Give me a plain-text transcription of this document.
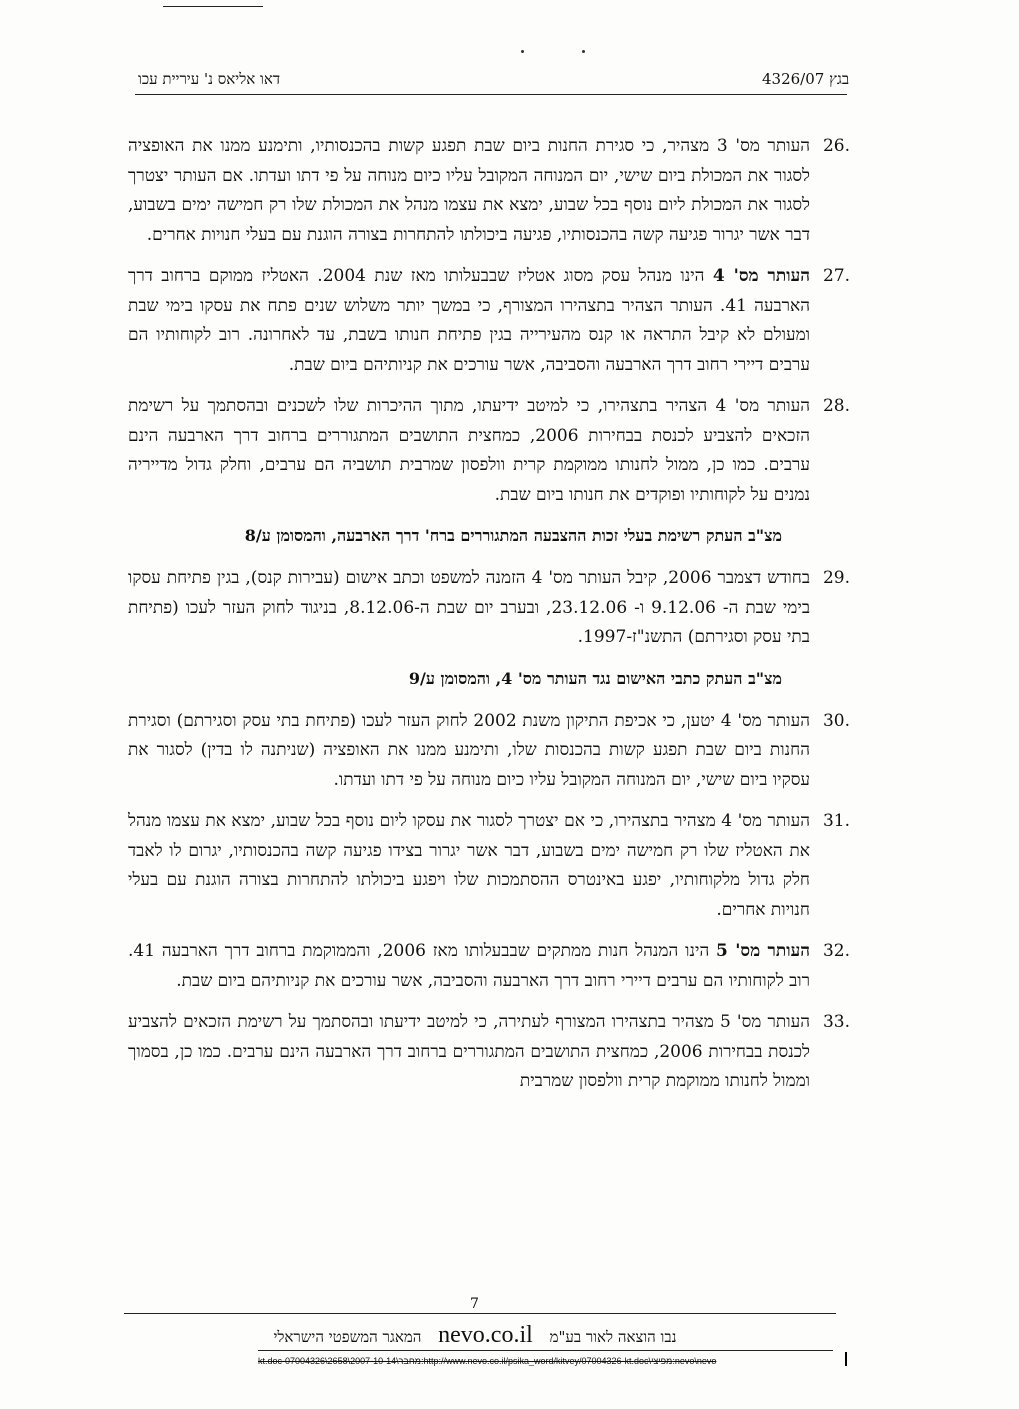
דאו אליאס נ' עיריית עכו	בגץ 4326/07
26.
העותר מס' 3 מצהיר, כי סגירת החנות ביום שבת תפגע קשות בהכנסותיו, ותימנע ממנו את האופציה לסגור את המכולת ביום שישי, יום המנוחה המקובל עליו כיום מנוחה על פי דתו ועדתו. אם העותר יצטרך לסגור את המכולת ליום נוסף בכל שבוע, ימצא את עצמו מנהל את המכולת שלו רק חמישה ימים בשבוע, דבר אשר יגרור פגיעה קשה בהכנסותיו, פגיעה ביכולתו להתחרות בצורה הוגנת עם בעלי חנויות אחרים.
27.
העותר מס' 4 הינו מנהל עסק מסוג אטליז שבבעלותו מאז שנת 2004. האטליז ממוקם ברחוב דרך הארבעה 41. העותר הצהיר בתצהירו המצורף, כי במשך יותר משלוש שנים פתח את עסקו בימי שבת ומעולם לא קיבל התראה או קנס מהעירייה בגין פתיחת חנותו בשבת, עד לאחרונה. רוב לקוחותיו הם ערבים דיירי רחוב דרך הארבעה והסביבה, אשר עורכים את קניותיהם ביום שבת.
28.
העותר מס' 4 הצהיר בתצהירו, כי למיטב ידיעתו, מתוך ההיכרות שלו לשכנים ובהסתמך על רשימת הזכאים להצביע לכנסת בבחירות 2006, כמחצית התושבים המתגוררים ברחוב דרך הארבעה הינם ערבים. כמו כן, ממול לחנותו ממוקמת קרית וולפסון שמרבית תושביה הם ערבים, וחלק גדול מדייריה נמנים על לקוחותיו ופוקדים את חנותו ביום שבת.
מצ"ב העתק רשימת בעלי זכות ההצבעה המתגוררים ברח' דרך הארבעה, והמסומן ע/8
29.
בחודש דצמבר 2006, קיבל העותר מס' 4 הזמנה למשפט וכתב אישום (עבירות קנס), בגין פתיחת עסקו בימי שבת ה- 9.12.06 ו- 23.12.06, ובערב יום שבת ה-8.12.06, בניגוד לחוק העזר לעכו (פתיחת בתי עסק וסגירתם) התשנ"ז-1997.
מצ"ב העתק כתבי האישום נגד העותר מס' 4, והמסומן ע/9
30.
העותר מס' 4 יטען, כי אכיפת התיקון משנת 2002 לחוק העזר לעכו (פתיחת בתי עסק וסגירתם) וסגירת החנות ביום שבת תפגע קשות בהכנסות שלו, ותימנע ממנו את האופציה (שניתנה לו בדין) לסגור את עסקיו ביום שישי, יום המנוחה המקובל עליו כיום מנוחה על פי דתו ועדתו.
31.
העותר מס' 4 מצהיר בתצהירו, כי אם יצטרך לסגור את עסקו ליום נוסף בכל שבוע, ימצא את עצמו מנהל את האטליז שלו רק חמישה ימים בשבוע, דבר אשר יגרור בצידו פגיעה קשה בהכנסותיו, יגרום לו לאבד חלק גדול מלקוחותיו, יפגע באינטרס ההסתמכות שלו ויפגע ביכולתו להתחרות בצורה הוגנת עם בעלי חנויות אחרים.
32.
העותר מס' 5 הינו המנהל חנות ממתקים שבבעלותו מאז 2006, והממוקמת ברחוב דרך הארבעה 41. רוב לקוחותיו הם ערבים דיירי רחוב דרך הארבעה והסביבה, אשר עורכים את קניותיהם ביום שבת.
33.
העותר מס' 5 מצהיר בתצהירו המצורף לעתירה, כי למיטב ידיעתו ובהסתמך על רשימת הזכאים להצביע לכנסת בבחירות 2006, כמחצית התושבים המתגוררים ברחוב דרך הארבעה הינם ערבים. כמו כן, בסמוך וממול לחנותו ממוקמת קרית וולפסון שמרבית
7
נבו הוצאה לאור בע"מ nevo.co.il המאגר המשפטי הישראלי
kt.doc-07004326\2658\2007-10-14\מחבר:http://www.nevo.co.il/psika_word/kitvey/07004326-kt.doc\מפיצי:nevo\nevo
